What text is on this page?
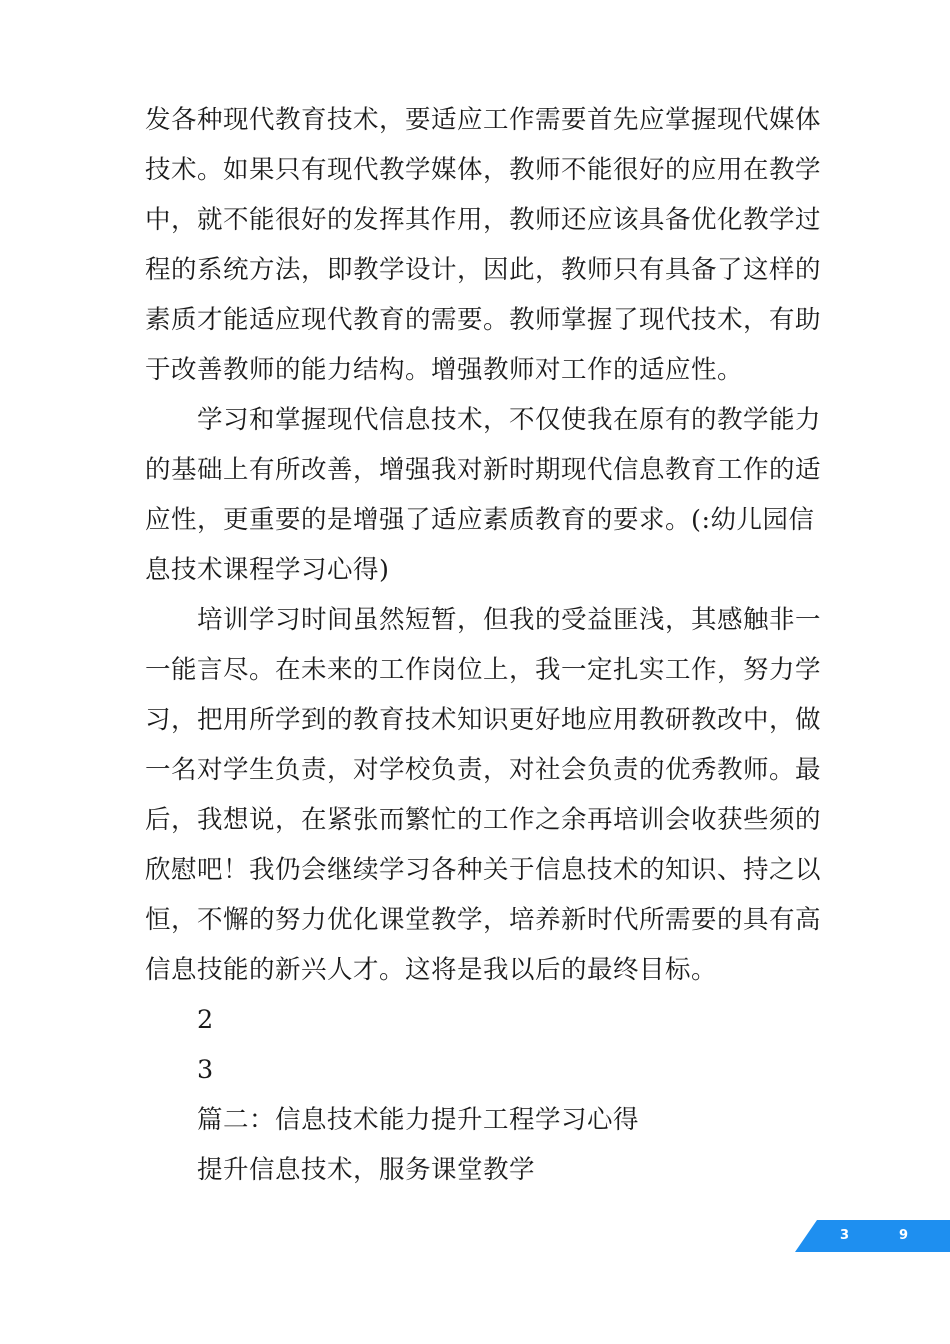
发各种现代教育技术，要适应工作需要首先应掌握现代媒体
技术。如果只有现代教学媒体，教师不能很好的应用在教学
中，就不能很好的发挥其作用，教师还应该具备优化教学过
程的系统方法，即教学设计，因此，教师只有具备了这样的
素质才能适应现代教育的需要。教师掌握了现代技术，有助
于改善教师的能力结构。增强教师对工作的适应性。
学习和掌握现代信息技术，不仅使我在原有的教学能力
的基础上有所改善，增强我对新时期现代信息教育工作的适
应性，更重要的是增强了适应素质教育的要求。(:幼儿园信
息技术课程学习心得)
培训学习时间虽然短暂，但我的受益匪浅，其感触非一
一能言尽。在未来的工作岗位上，我一定扎实工作，努力学
习，把用所学到的教育技术知识更好地应用教研教改中，做
一名对学生负责，对学校负责，对社会负责的优秀教师。最
后，我想说，在紧张而繁忙的工作之余再培训会收获些须的
欣慰吧！我仍会继续学习各种关于信息技术的知识、持之以
恒，不懈的努力优化课堂教学，培养新时代所需要的具有高
信息技能的新兴人才。这将是我以后的最终目标。
2
3
篇二：信息技术能力提升工程学习心得
提升信息技术，服务课堂教学
3	9
